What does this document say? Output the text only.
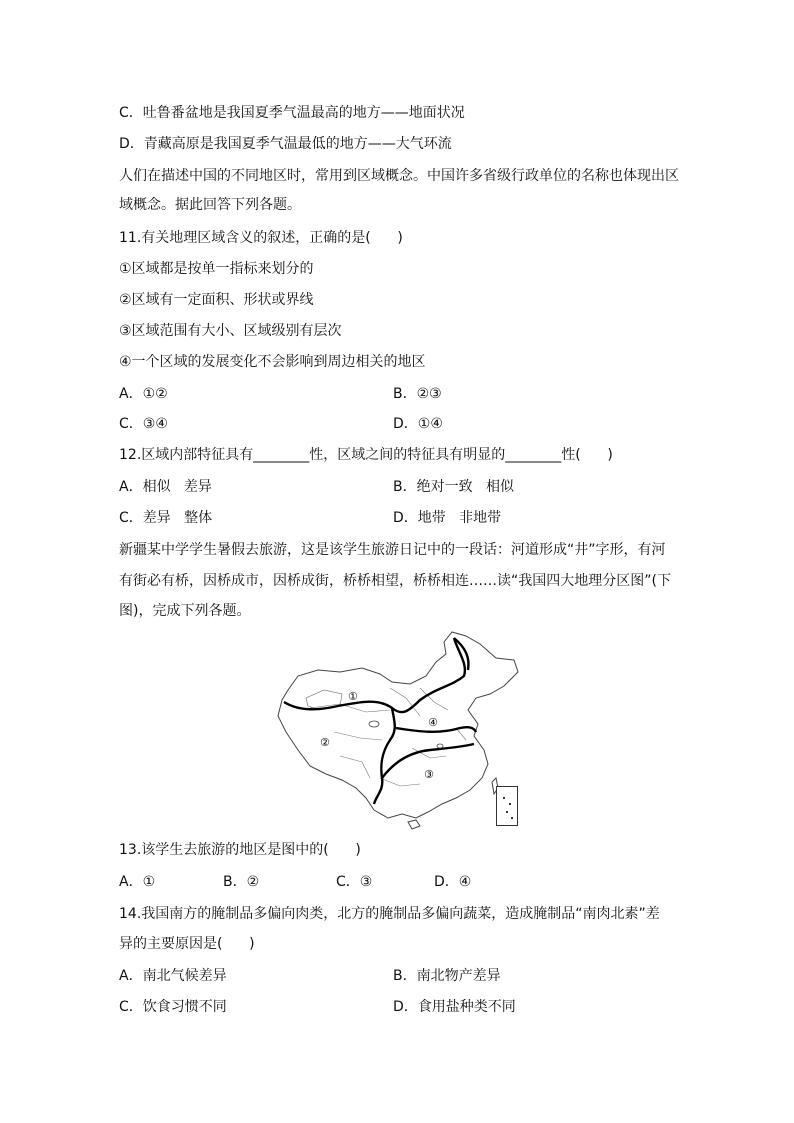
C．吐鲁番盆地是我国夏季气温最高的地方——地面状况
D．青藏高原是我国夏季气温最低的地方——大气环流
人们在描述中国的不同地区时，常用到区域概念。中国许多省级行政单位的名称也体现出区
域概念。据此回答下列各题。
11.有关地理区域含义的叙述，正确的是(      )
①区域都是按单一指标来划分的
②区域有一定面积、形状或界线
③区域范围有大小、区域级别有层次
④一个区域的发展变化不会影响到周边相关的地区
A．①②	B．②③
C．③④	D．①④
12.区域内部特征具有________性，区域之间的特征具有明显的________性(      )
A．相似   差异	B．绝对一致   相似
C．差异   整体	D．地带   非地带
新疆某中学学生暑假去旅游，这是该学生旅游日记中的一段话：河道形成“井”字形，有河
有街必有桥，因桥成市，因桥成街，桥桥相望，桥桥相连……读“我国四大地理分区图”(下
图)，完成下列各题。
①
②
③
④
13.该学生去旅游的地区是图中的(      )
A．①	B．②	C．③	D．④
14.我国南方的腌制品多偏向肉类，北方的腌制品多偏向蔬菜，造成腌制品“南肉北素”差
异的主要原因是(      )
A．南北气候差异	B．南北物产差异
C．饮食习惯不同	D．食用盐种类不同
